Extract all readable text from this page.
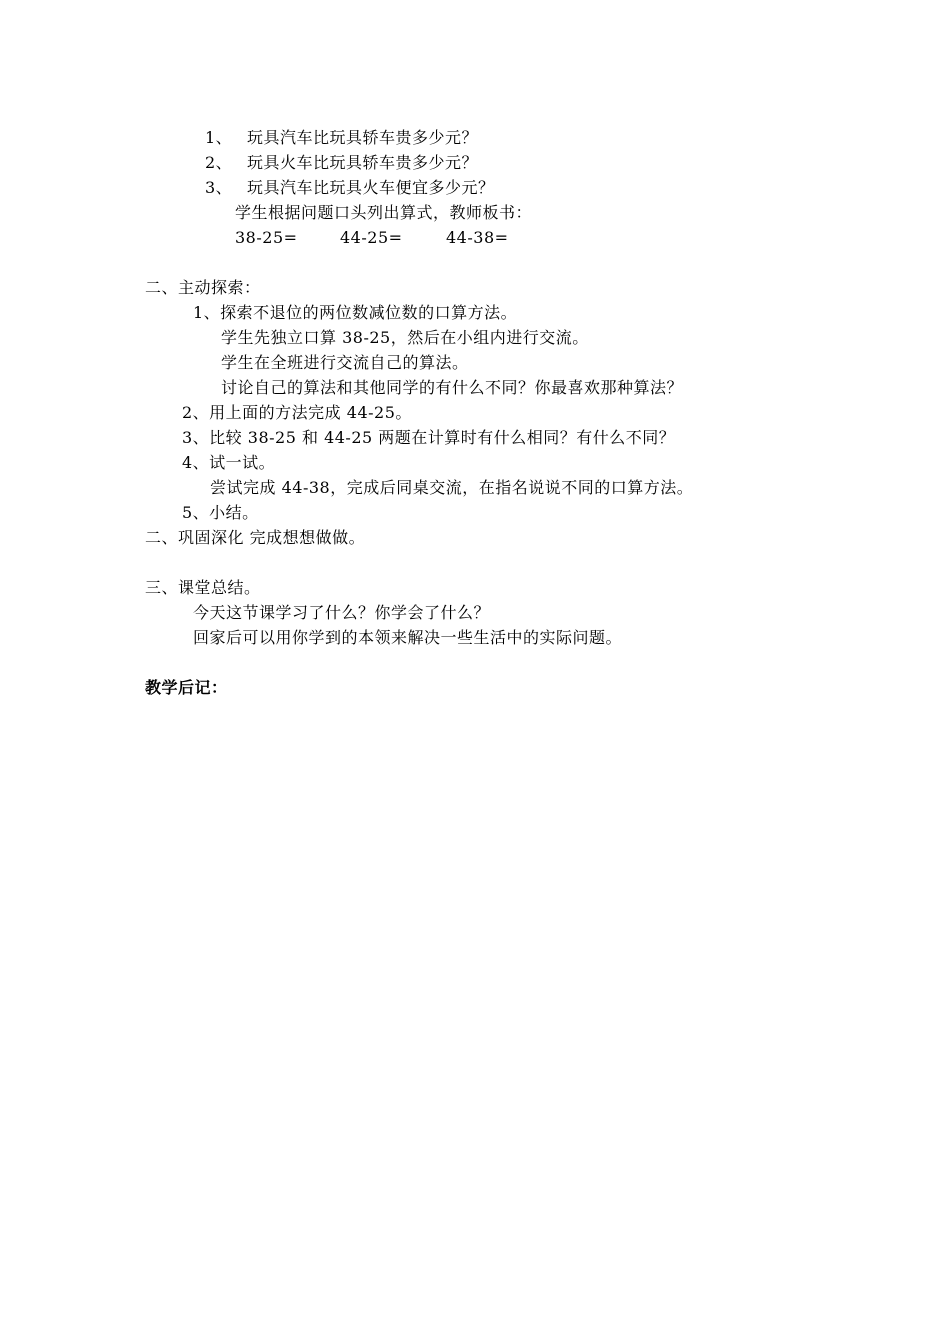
1、 玩具汽车比玩具轿车贵多少元？
2、 玩具火车比玩具轿车贵多少元？
3、 玩具汽车比玩具火车便宜多少元？
学生根据问题口头列出算式，教师板书：
38-25=	44-25=	44-38=
二、主动探索：
1、探索不退位的两位数减位数的口算方法。
学生先独立口算 38-25，然后在小组内进行交流。
学生在全班进行交流自己的算法。
讨论自己的算法和其他同学的有什么不同？你最喜欢那种算法？
2、用上面的方法完成 44-25。
3、比较 38-25 和 44-25 两题在计算时有什么相同？有什么不同？
4、试一试。
尝试完成 44-38，完成后同桌交流，在指名说说不同的口算方法。
5、小结。
二、巩固深化 完成想想做做。
三、课堂总结。
今天这节课学习了什么？你学会了什么？
回家后可以用你学到的本领来解决一些生活中的实际问题。
教学后记：
